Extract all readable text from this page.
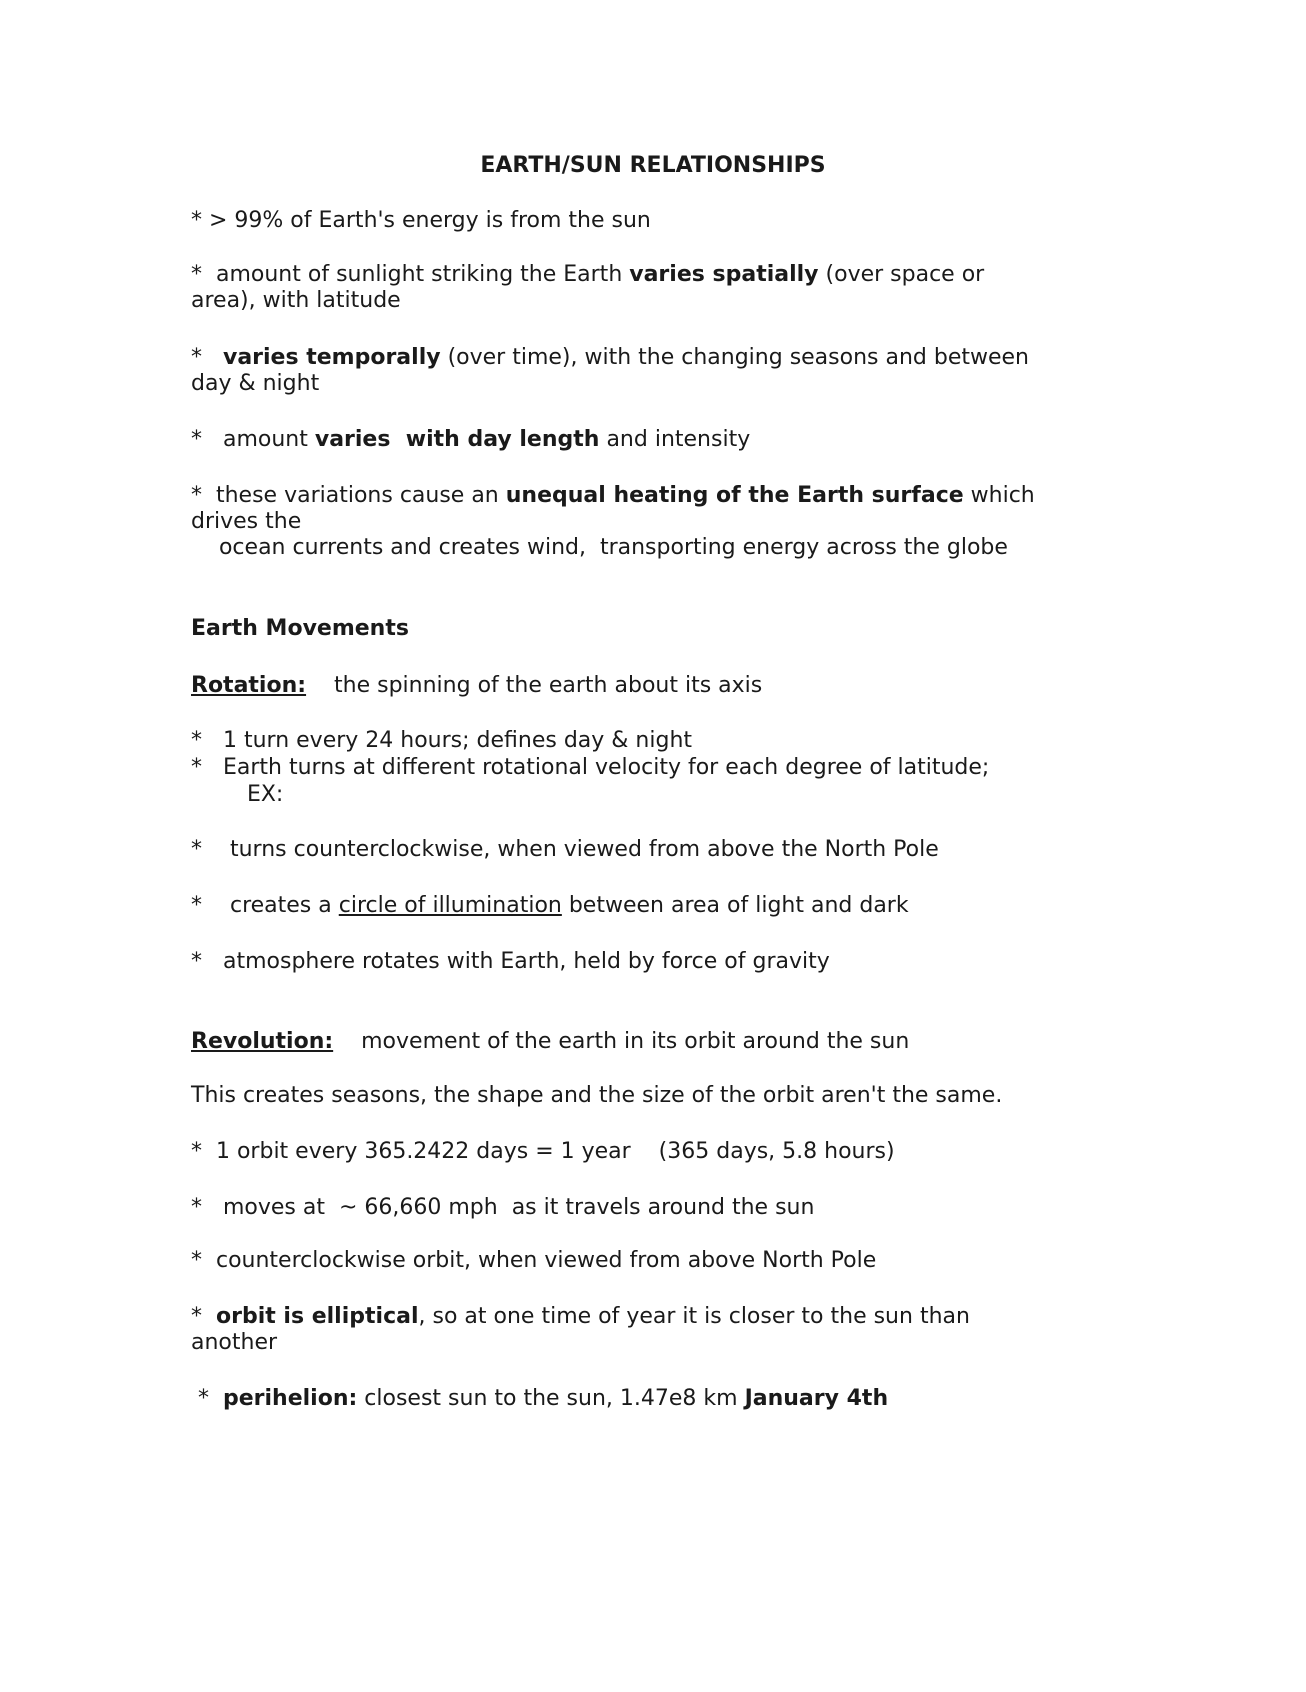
EARTH/SUN RELATIONSHIPS

* > 99% of Earth's energy is from the sun

*  amount of sunlight striking the Earth varies spatially (over space or

area), with latitude

*   varies temporally (over time), with the changing seasons and between

day & night

*   amount varies  with day length and intensity

*  these variations cause an unequal heating of the Earth surface which

drives the

ocean currents and creates wind,  transporting energy across the globe

Earth Movements

Rotation:    the spinning of the earth about its axis

*   1 turn every 24 hours; defines day & night

*   Earth turns at different rotational velocity for each degree of latitude;

EX:

*    turns counterclockwise, when viewed from above the North Pole

*    creates a circle of illumination between area of light and dark

*   atmosphere rotates with Earth, held by force of gravity

Revolution:    movement of the earth in its orbit around the sun

This creates seasons, the shape and the size of the orbit aren't the same.

*  1 orbit every 365.2422 days = 1 year    (365 days, 5.8 hours)

*   moves at  ~ 66,660 mph  as it travels around the sun

*  counterclockwise orbit, when viewed from above North Pole

*  orbit is elliptical, so at one time of year it is closer to the sun than

another

*  perihelion: closest sun to the sun, 1.47e8 km January 4th
